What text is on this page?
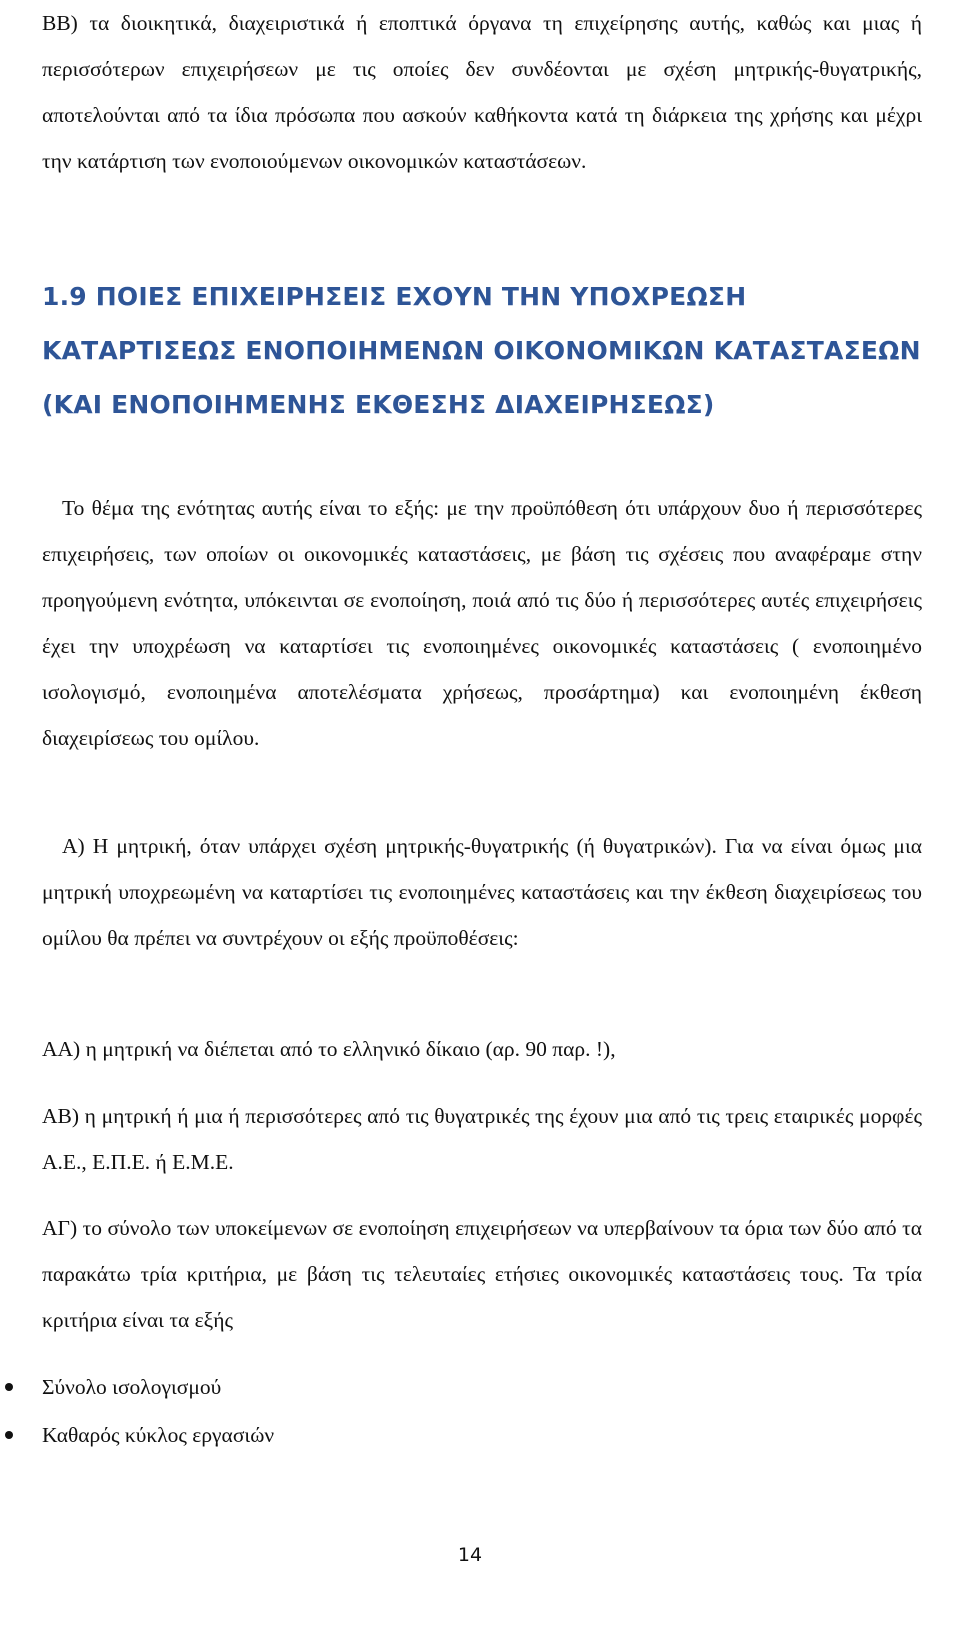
ΒΒ) τα διοικητικά, διαχειριστικά ή εποπτικά όργανα τη επιχείρησης αυτής, καθώς και μιας ή περισσότερων επιχειρήσεων με τις οποίες δεν συνδέονται με σχέση μητρικής-θυγατρικής, αποτελούνται από τα ίδια πρόσωπα που ασκούν καθήκοντα κατά τη διάρκεια της χρήσης και μέχρι την κατάρτιση των ενοποιούμενων οικονομικών καταστάσεων.

1.9 ΠΟΙΕΣ ΕΠΙΧΕΙΡΗΣΕΙΣ ΕΧΟΥΝ ΤΗΝ ΥΠΟΧΡΕΩΣΗ ΚΑΤΑΡΤΙΣΕΩΣ ΕΝΟΠΟΙΗΜΕΝΩΝ ΟΙΚΟΝΟΜΙΚΩΝ ΚΑΤΑΣΤΑΣΕΩΝ (ΚΑΙ ΕΝΟΠΟΙΗΜΕΝΗΣ ΕΚΘΕΣΗΣ ΔΙΑΧΕΙΡΗΣΕΩΣ)

Το θέμα της ενότητας αυτής είναι το εξής: με την προϋπόθεση ότι υπάρχουν δυο ή περισσότερες επιχειρήσεις, των οποίων οι οικονομικές καταστάσεις, με βάση τις σχέσεις που αναφέραμε στην προηγούμενη ενότητα, υπόκεινται σε ενοποίηση, ποιά από τις δύο ή περισσότερες αυτές επιχειρήσεις έχει την υποχρέωση να καταρτίσει τις ενοποιημένες οικονομικές καταστάσεις ( ενοποιημένο ισολογισμό, ενοποιημένα αποτελέσματα χρήσεως, προσάρτημα) και ενοποιημένη έκθεση διαχειρίσεως του ομίλου.

Α) Η μητρική, όταν υπάρχει σχέση μητρικής-θυγατρικής (ή θυγατρικών). Για να είναι όμως μια μητρική υποχρεωμένη να καταρτίσει τις ενοποιημένες καταστάσεις και την έκθεση διαχειρίσεως του ομίλου θα πρέπει να συντρέχουν οι εξής προϋποθέσεις:

ΑΑ) η μητρική να διέπεται από το ελληνικό δίκαιο (αρ. 90 παρ. !),

ΑΒ) η μητρική ή μια ή περισσότερες από τις θυγατρικές της έχουν μια από τις τρεις εταιρικές μορφές Α.Ε., Ε.Π.Ε. ή Ε.Μ.Ε.

ΑΓ) το σύνολο των υποκείμενων σε ενοποίηση επιχειρήσεων να υπερβαίνουν τα όρια των δύο από τα παρακάτω τρία κριτήρια, με βάση τις τελευταίες ετήσιες οικονομικές καταστάσεις τους. Τα τρία κριτήρια είναι τα εξής

Σύνολο ισολογισμού
Καθαρός κύκλος εργασιών
14
